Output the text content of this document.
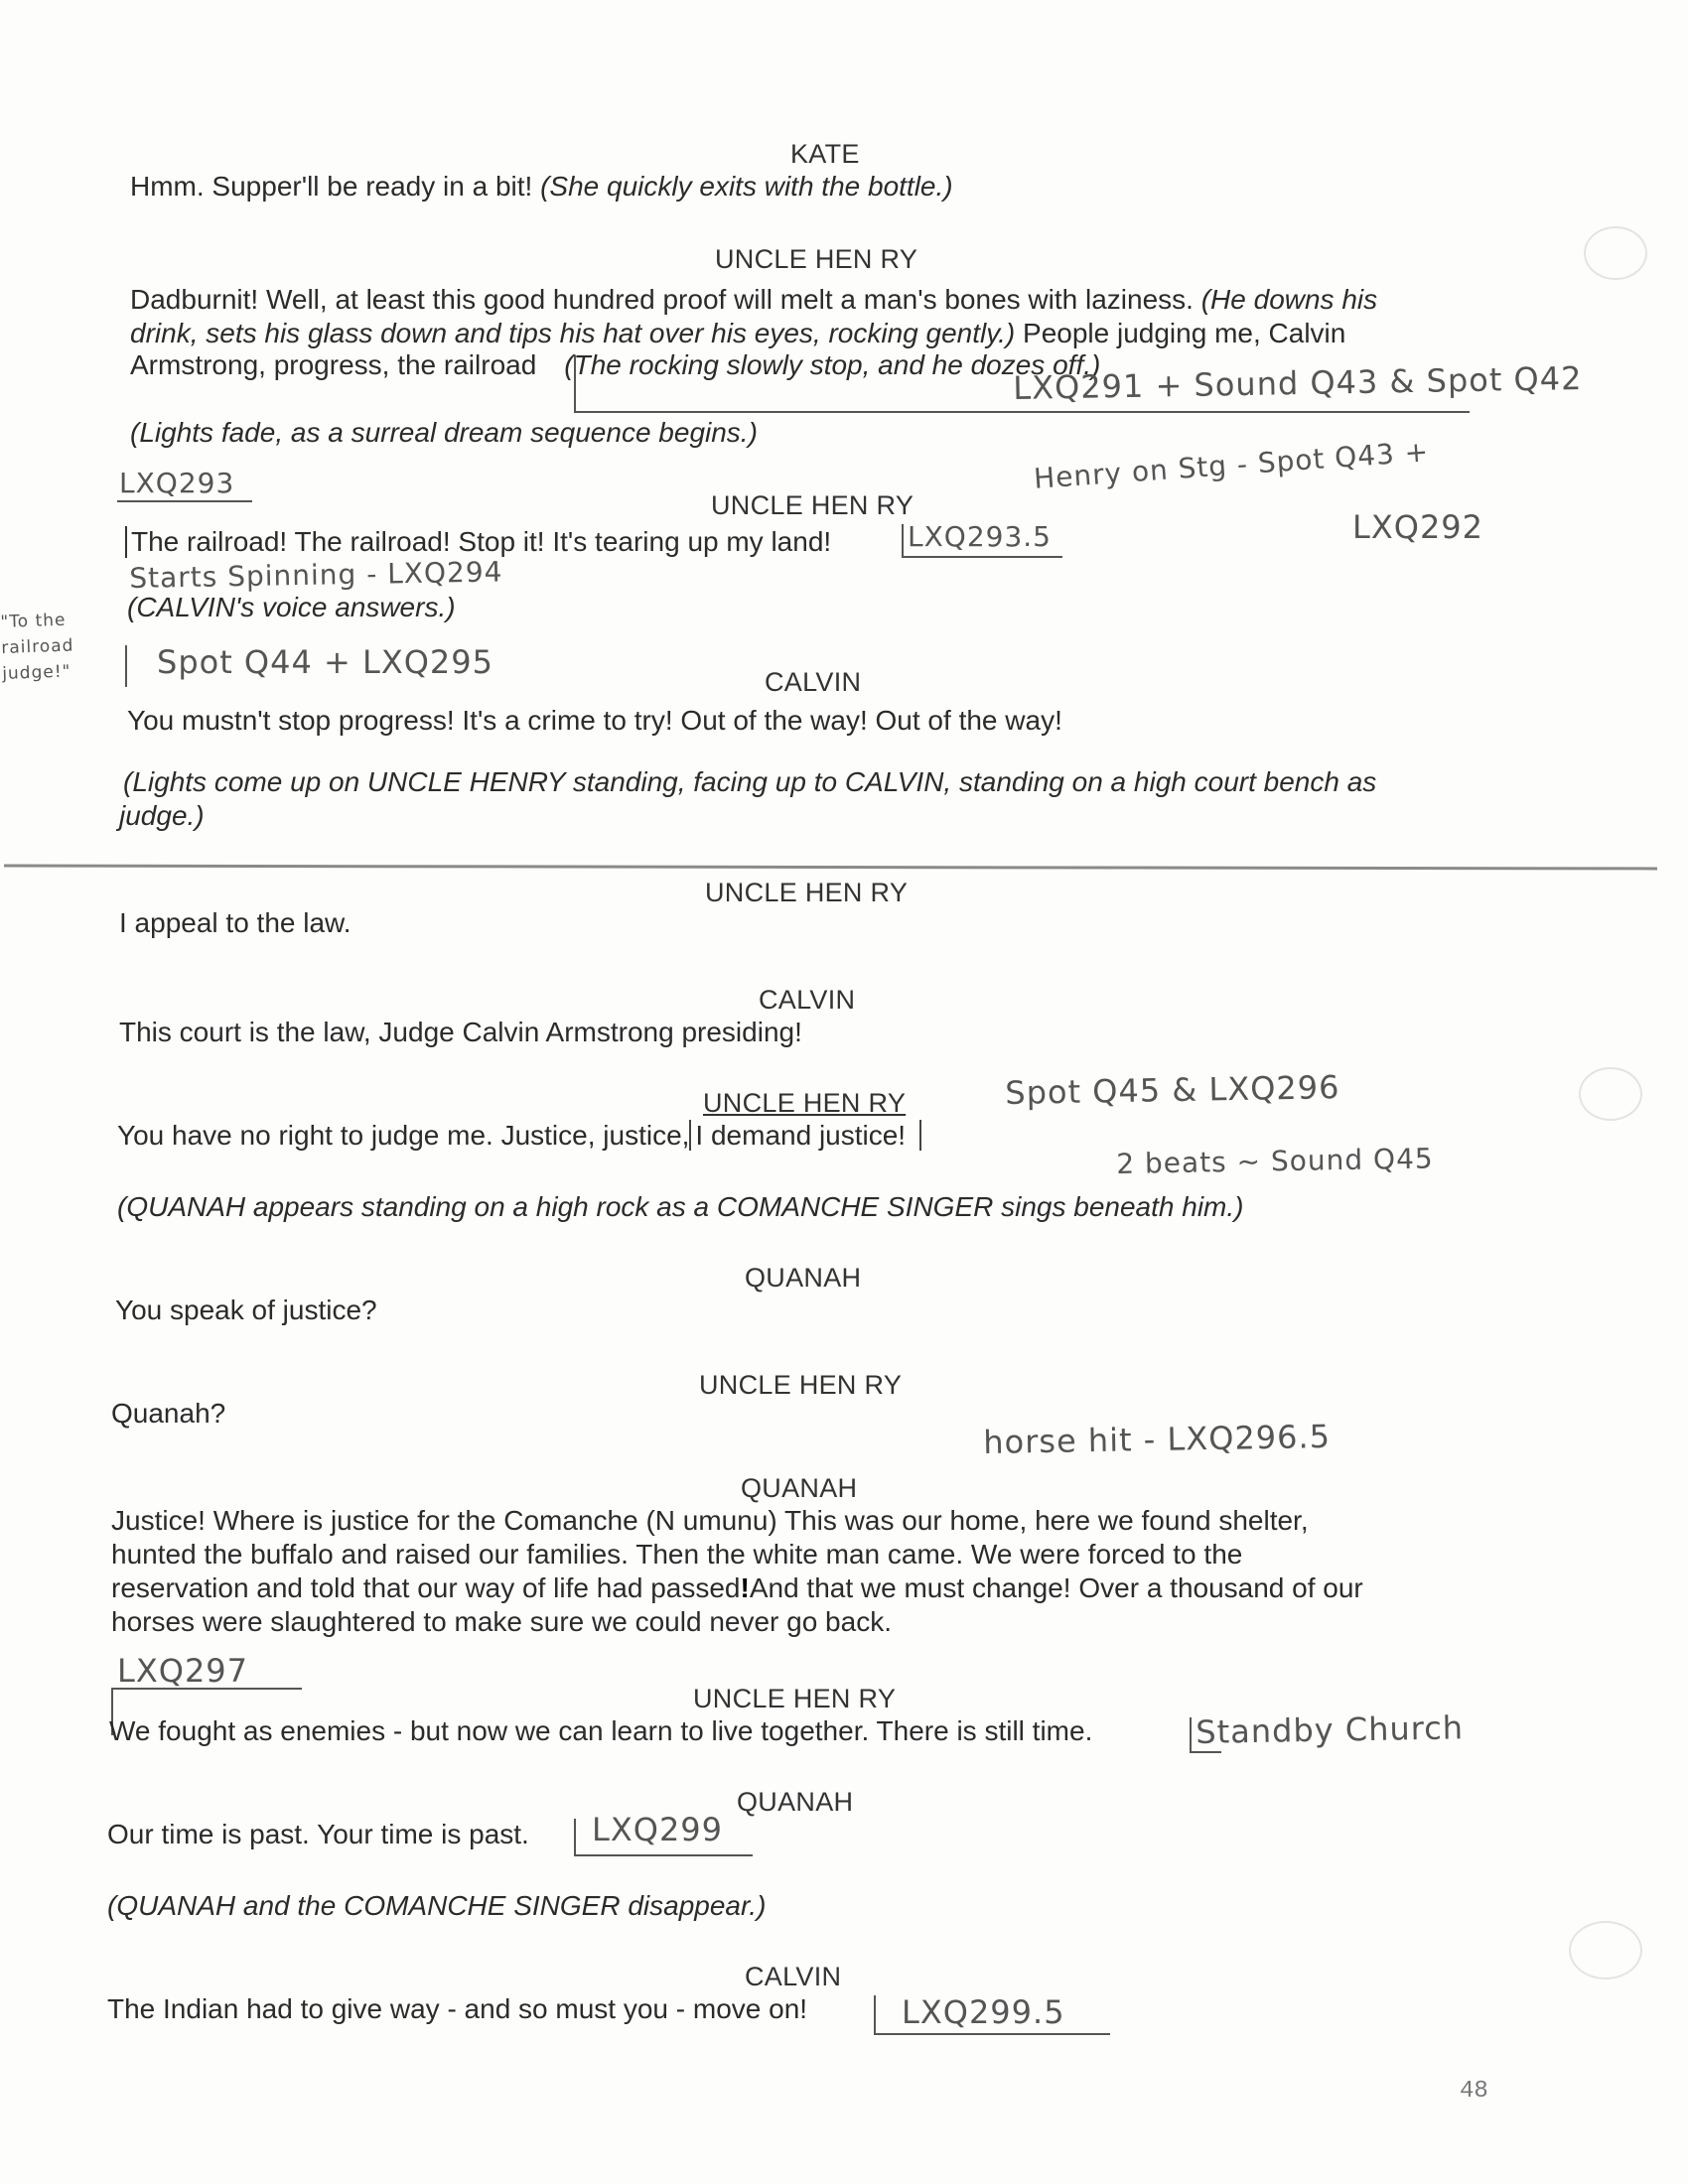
KATE
Hmm. Supper'll be ready in a bit! (She quickly exits with the bottle.)
UNCLE HEN RY
Dadburnit! Well, at least this good hundred proof will melt a man's bones with laziness. (He downs his
drink, sets his glass down and tips his hat over his eyes, rocking gently.) People judging me, Calvin
Armstrong, progress, the railroad (The rocking slowly stop, and he dozes off.)
LXQ291 + Sound Q43 & Spot Q42
(Lights fade, as a surreal dream sequence begins.)
LXQ293
UNCLE HEN RY
Henry on Stg - Spot Q43 +
LXQ292
The railroad! The railroad! Stop it! It's tearing up my land!	LXQ293.5
Starts Spinning - LXQ294
(CALVIN's voice answers.)
"To the railroad judge!"	Spot Q44 + LXQ295
CALVIN
You mustn't stop progress! It's a crime to try! Out of the way! Out of the way!
(Lights come up on UNCLE HENRY standing, facing up to CALVIN, standing on a high court bench as
judge.)
UNCLE HEN RY
I appeal to the law.
CALVIN
This court is the law, Judge Calvin Armstrong presiding!
UNCLE HEN RY	Spot Q45 & LXQ296
You have no right to judge me. Justice, justice, I demand justice!
2 beats ~ Sound Q45
(QUANAH appears standing on a high rock as a COMANCHE SINGER sings beneath him.)
QUANAH
You speak of justice?
UNCLE HEN RY
Quanah?
horse hit - LXQ296.5
QUANAH
Justice! Where is justice for the Comanche (N umunu) This was our home, here we found shelter,
hunted the buffalo and raised our families. Then the white man came. We were forced to the
reservation and told that our way of life had passed!And that we must change! Over a thousand of our
horses were slaughtered to make sure we could never go back.
LXQ297
UNCLE HEN RY
We fought as enemies - but now we can learn to live together. There is still time.	Standby Church
QUANAH
Our time is past. Your time is past. LXQ299
(QUANAH and the COMANCHE SINGER disappear.)
CALVIN
The Indian had to give way - and so must you - move on!	LXQ299.5
48
